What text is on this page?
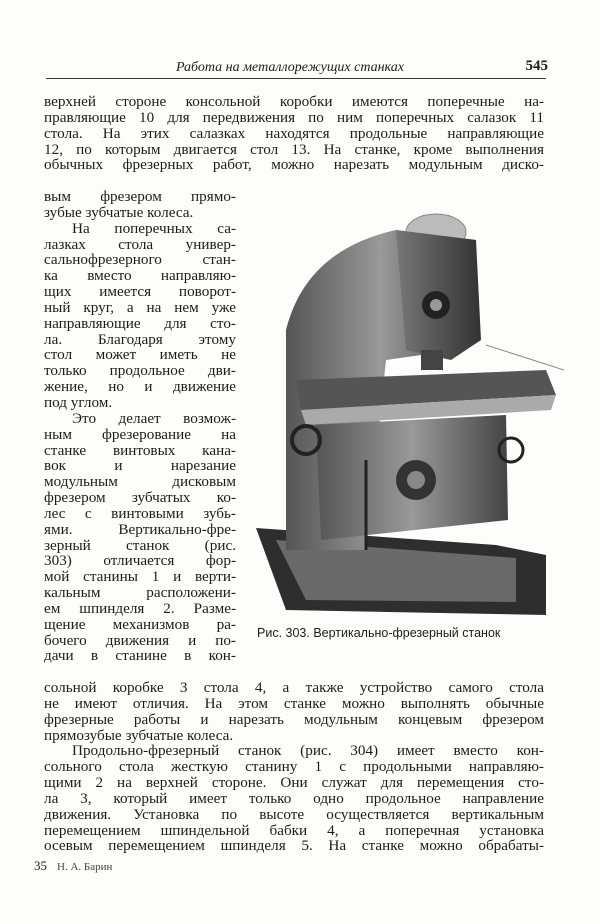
Работа на металлорежущих станках	545
верхней стороне консольной коробки имеются поперечные на-
правляющие 10 для передвижения по ним поперечных салазок 11
стола. На этих салазках находятся продольные направляющие
12, по которым двигается стол 13. На станке, кроме выполнения
обычных фрезерных работ, можно нарезать модульным диско-
вым фрезером прямо-
зубые зубчатые колеса.
На поперечных са-
лазках стола универ-
сальнофрезерного стан-
ка вместо направляю-
щих имеется поворот-
ный круг, а на нем уже
направляющие для сто-
ла. Благодаря этому
стол может иметь не
только продольное дви-
жение, но и движение
под углом.
Это делает возмож-
ным фрезерование на
станке винтовых кана-
вок и нарезание
модульным дисковым
фрезером зубчатых ко-
лес с винтовыми зубь-
ями. Вертикально-фре-
зерный станок (рис.
303) отличается фор-
мой станины 1 и верти-
кальным расположени-
ем шпинделя 2. Разме-
щение механизмов ра-
бочего движения и по-
дачи в станине в кон-
сольной коробке 3 стола 4, а также устройство самого стола
не имеют отличия. На этом станке можно выполнять обычные
фрезерные работы и нарезать модульным концевым фрезером
прямозубые зубчатые колеса.
Продольно-фрезерный станок (рис. 304) имеет вместо кон-
сольного стола жесткую станину 1 с продольными направляю-
щими 2 на верхней стороне. Они служат для перемещения сто-
ла 3, который имеет только одно продольное направление
движения. Установка по высоте осуществляется вертикальным
перемещением шпиндельной бабки 4, а поперечная установка
осевым перемещением шпинделя 5. На станке можно обрабаты-
Рис. 303. Вертикально-фрезерный станок
35 Н. А. Барин
